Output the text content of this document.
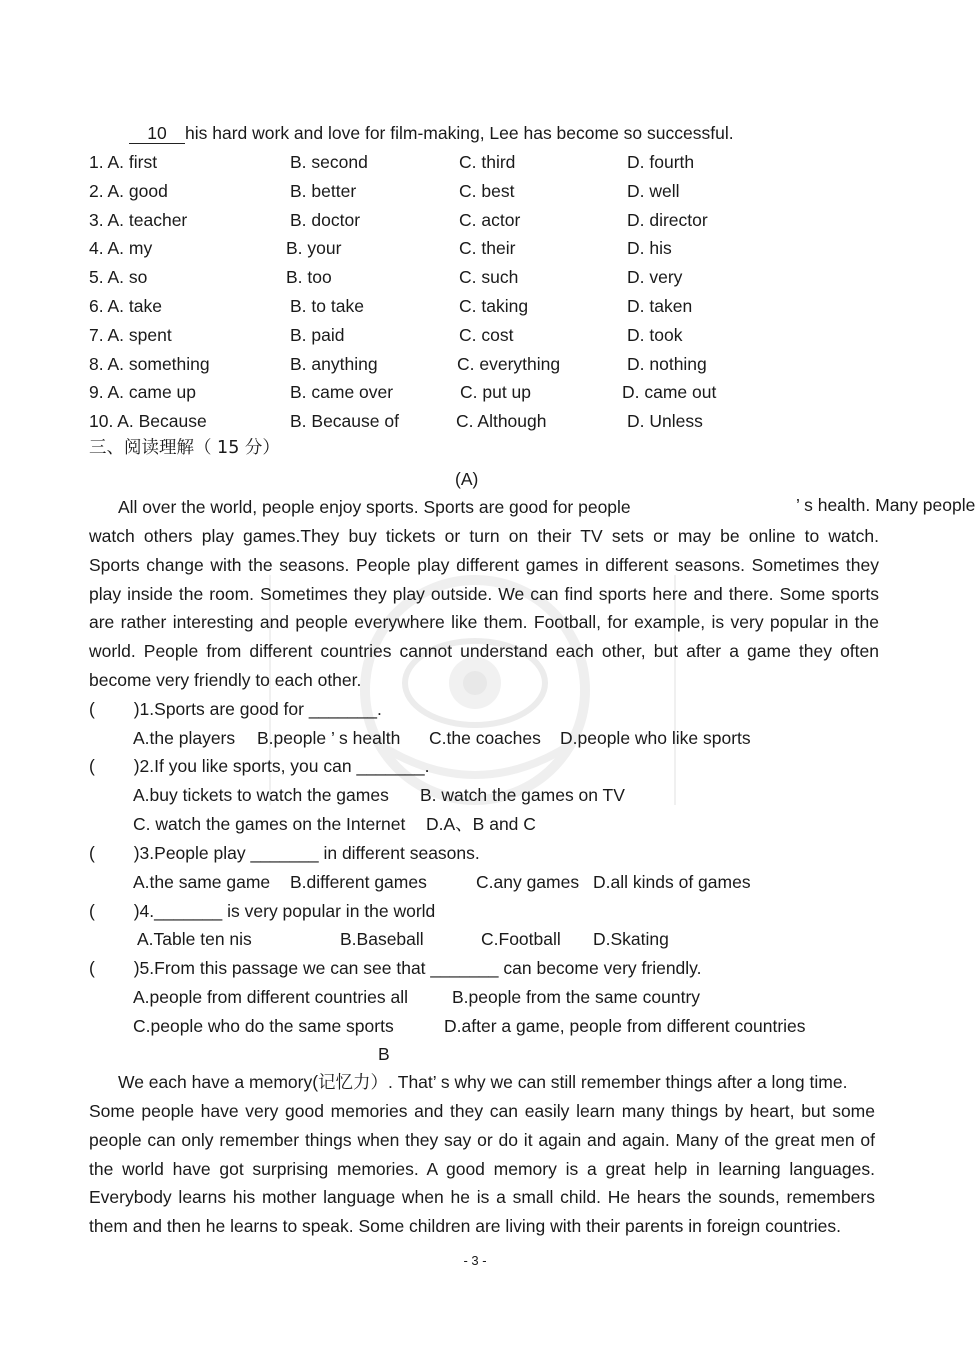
10 his hard work and love for film-making, Lee has become so successful.
1. A. first	B. second	C. third	D. fourth
2. A. good	B. better	C. best	D. well
3. A. teacher	B. doctor	C. actor	D. director
4. A. my	B. your	C. their	D. his
5. A. so	B. too	C. such	D. very
6. A. take	B. to take	C. taking	D. taken
7. A. spent	B. paid	C. cost	D. took
8. A. something	B. anything	C. everything	D. nothing
9. A. came up	B. came over	C. put up	D. came out
10. A. Because	B. Because of	C. Although	D. Unless
三、阅读理解（ 15 分）
(A)
All over the world, people enjoy sports. Sports are good for people	’ s health. Many people
watch others play games.They buy tickets or turn on their TV sets or may be online to watch.
Sports change with the seasons. People play different games in different seasons. Sometimes they
play inside the room. Sometimes they play outside. We can find sports here and there. Some sports
are rather interesting and people everywhere like them. Football, for example, is very popular in the
world. People from different countries cannot understand each other, but after a game they often
become very friendly to each other.
(        )1.Sports are good for _______.
A.the players B.people ’ s health C.the coaches D.people who like sports
(        )2.If you like sports, you can _______.
A.buy tickets to watch the games B. watch the games on TV
C. watch the games on the Internet D.A、B and C
(        )3.People play _______ in different seasons.
A.the same game B.different games	C.any games D.all kinds of games
(        )4._______ is very popular in the world
A.Table ten nis	B.Baseball	C.Football D.Skating
(        )5.From this passage we can see that _______ can become very friendly.
A.people from different countries all	B.people from the same country
C.people who do the same sports	D.after a game, people from different countries
B
We each have a memory(记忆力）. That’ s why we can still remember things after a long time.
Some people have very good memories and they can easily learn many things by heart, but some
people can only remember things when they say or do it again and again. Many of the great men of
the world have got surprising memories. A good memory is a great help in learning languages.
Everybody learns his mother language when he is a small child. He hears the sounds, remembers
them and then he learns to speak. Some children are living with their parents in foreign countries.
- 3 -
